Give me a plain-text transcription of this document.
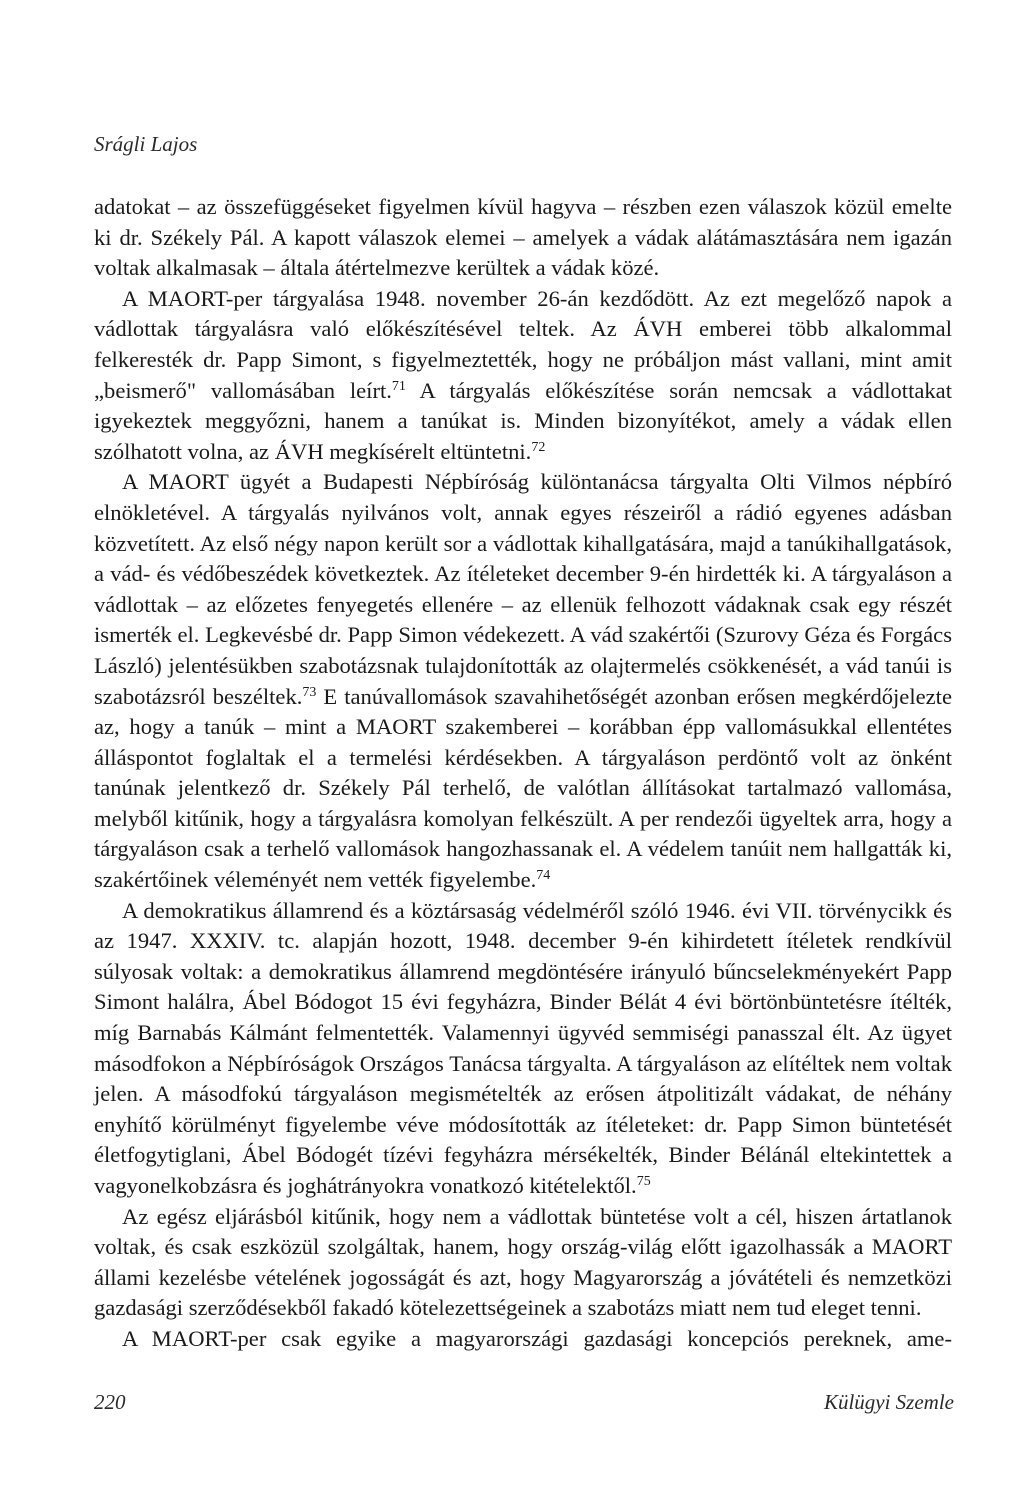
Srágli Lajos

adatokat – az összefüggéseket figyelmen kívül hagyva – részben ezen válaszok közül emelte ki dr. Székely Pál. A kapott válaszok elemei – amelyek a vádak alátámasztására nem igazán voltak alkalmasak – általa átértelmezve kerültek a vádak közé.

A MAORT-per tárgyalása 1948. november 26-án kezdődött. Az ezt megelőző napok a vádlottak tárgyalásra való előkészítésével teltek. Az ÁVH emberei több alkalommal felkeresték dr. Papp Simont, s figyelmeztették, hogy ne próbáljon mást vallani, mint amit „beismerő" vallomásában leírt.$^{71}$ A tárgyalás előkészítése során nemcsak a vádlottakat igyekeztek meggyőzni, hanem a tanúkat is. Minden bizonyítékot, amely a vádak ellen szólhatott volna, az ÁVH megkísérelt eltüntetni.$^{72}$

A MAORT ügyét a Budapesti Népbíróság különtanácsa tárgyalta Olti Vilmos népbíró elnökletével. A tárgyalás nyilvános volt, annak egyes részeiről a rádió egyenes adásban közvetített. Az első négy napon került sor a vádlottak kihallgatására, majd a tanúkihallgatások, a vád- és védőbeszédek következtek. Az ítéleteket december 9-én hirdették ki. A tárgyaláson a vádlottak – az előzetes fenyegetés ellenére – az ellenük felhozott vádaknak csak egy részét ismerték el. Legkevésbé dr. Papp Simon védekezett. A vád szakértői (Szurovy Géza és Forgács László) jelentésükben szabotázsnak tulajdonították az olajtermelés csökkenését, a vád tanúi is szabotázsról beszéltek.$^{73}$ E tanúvallomások szavahihetőségét azonban erősen megkérdőjelezte az, hogy a tanúk – mint a MAORT szakemberei – korábban épp vallomásukkal ellentétes álláspontot foglaltak el a termelési kérdésekben. A tárgyaláson perdöntő volt az önként tanúnak jelentkező dr. Székely Pál terhelő, de valótlan állításokat tartalmazó vallomása, melyből kitűnik, hogy a tárgyalásra komolyan felkészült. A per rendezői ügyeltek arra, hogy a tárgyaláson csak a terhelő vallomások hangozhassanak el. A védelem tanúit nem hallgatták ki, szakértőinek véleményét nem vették figyelembe.$^{74}$

A demokratikus államrend és a köztársaság védelméről szóló 1946. évi VII. törvénycikk és az 1947. XXXIV. tc. alapján hozott, 1948. december 9-én kihirdetett ítéletek rendkívül súlyosak voltak: a demokratikus államrend megdöntésére irányuló bűncselekményekért Papp Simont halálra, Ábel Bódogot 15 évi fegyházra, Binder Bélát 4 évi börtönbüntetésre ítélték, míg Barnabás Kálmánt felmentették. Valamennyi ügyvéd semmiségi panasszal élt. Az ügyet másodfokon a Népbíróságok Országos Tanácsa tárgyalta. A tárgyaláson az elítéltek nem voltak jelen. A másodfokú tárgyaláson megismételték az erősen átpolitizált vádakat, de néhány enyhítő körülményt figyelembe véve módosították az ítéleteket: dr. Papp Simon büntetését életfogytiglani, Ábel Bódogét tízévi fegyházra mérsékelték, Binder Bélánál eltekintettek a vagyonelkobzásra és joghátrányokra vonatkozó kitételektől.$^{75}$

Az egész eljárásból kitűnik, hogy nem a vádlottak büntetése volt a cél, hiszen ártatlanok voltak, és csak eszközül szolgáltak, hanem, hogy ország-világ előtt igazolhassák a MAORT állami kezelésbe vételének jogosságát és azt, hogy Magyarország a jóvátételi és nemzetközi gazdasági szerződésekből fakadó kötelezettségeinek a szabotázs miatt nem tud eleget tenni.

A MAORT-per csak egyike a magyarországi gazdasági koncepciós pereknek, ame-

220	Külügyi Szemle
